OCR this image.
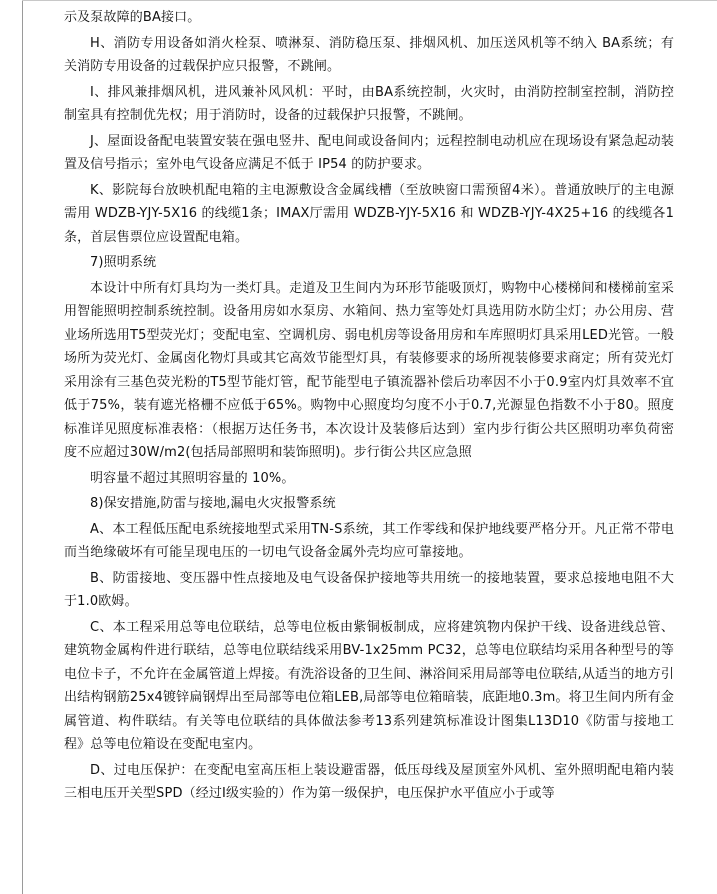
示及泵故障的BA接口。

H、消防专用设备如消火栓泵、喷淋泵、消防稳压泵、排烟风机、加压送风机等不纳入 BA系统；有关消防专用设备的过载保护应只报警，不跳闸。

I、排风兼排烟风机，进风兼补风风机：平时，由BA系统控制，火灾时，由消防控制室控制，消防控制室具有控制优先权；用于消防时，设备的过载保护只报警，不跳闸。

J、屋面设备配电装置安装在强电竖井、配电间或设备间内；远程控制电动机应在现场设有紧急起动装置及信号指示；室外电气设备应满足不低于 IP54 的防护要求。

K、影院每台放映机配电箱的主电源敷设含金属线槽（至放映窗口需预留4米）。普通放映厅的主电源需用 WDZB-YJY-5X16 的线缆1条；IMAX厅需用 WDZB-YJY-5X16 和 WDZB-YJY-4X25+16 的线缆各1条，首层售票位应设置配电箱。

7)照明系统

本设计中所有灯具均为一类灯具。走道及卫生间内为环形节能吸顶灯，购物中心楼梯间和楼梯前室采用智能照明控制系统控制。设备用房如水泵房、水箱间、热力室等处灯具选用防水防尘灯；办公用房、营业场所选用T5型荧光灯；变配电室、空调机房、弱电机房等设备用房和车库照明灯具采用LED光管。一般场所为荧光灯、金属卤化物灯具或其它高效节能型灯具，有装修要求的场所视装修要求商定；所有荧光灯采用涂有三基色荧光粉的T5型节能灯管，配节能型电子镇流器补偿后功率因不小于0.9室内灯具效率不宜低于75%，装有遮光格栅不应低于65%。购物中心照度均匀度不小于0.7,光源显色指数不小于80。照度标准详见照度标准表格：（根据万达任务书，本次设计及装修后达到）室内步行街公共区照明功率负荷密度不应超过30W/m2(包括局部照明和装饰照明)。步行街公共区应急照

明容量不超过其照明容量的 10%。

8)保安措施,防雷与接地,漏电火灾报警系统

A、本工程低压配电系统接地型式采用TN-S系统，其工作零线和保护地线要严格分开。凡正常不带电而当绝缘破坏有可能呈现电压的一切电气设备金属外壳均应可靠接地。

B、防雷接地、变压器中性点接地及电气设备保护接地等共用统一的接地装置，要求总接地电阻不大于1.0欧姆。

C、本工程采用总等电位联结，总等电位板由紫铜板制成，应将建筑物内保护干线、设备进线总管、建筑物金属构件进行联结，总等电位联结线采用BV-1x25mm PC32，总等电位联结均采用各种型号的等电位卡子，不允许在金属管道上焊接。有洗浴设备的卫生间、淋浴间采用局部等电位联结,从适当的地方引出结构钢筋25x4镀锌扁钢焊出至局部等电位箱LEB,局部等电位箱暗装，底距地0.3m。将卫生间内所有金属管道、构件联结。有关等电位联结的具体做法参考13系列建筑标准设计图集L13D10《防雷与接地工程》总等电位箱设在变配电室内。

D、过电压保护：在变配电室高压柜上装设避雷器，低压母线及屋顶室外风机、室外照明配电箱内装三相电压开关型SPD（经过I级实验的）作为第一级保护，电压保护水平值应小于或等
